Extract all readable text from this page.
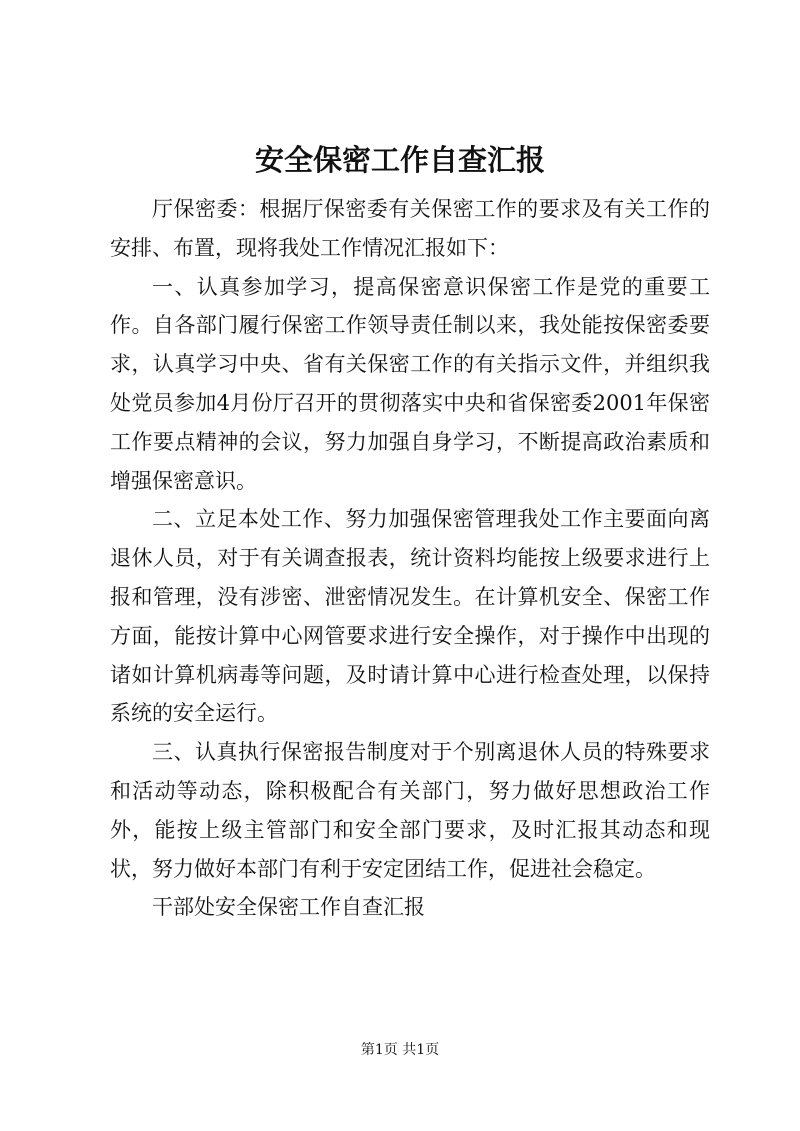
安全保密工作自查汇报

厅保密委：根据厅保密委有关保密工作的要求及有关工作的安排、布置，现将我处工作情况汇报如下：

一、认真参加学习，提高保密意识保密工作是党的重要工作。自各部门履行保密工作领导责任制以来，我处能按保密委要求，认真学习中央、省有关保密工作的有关指示文件，并组织我处党员参加4月份厅召开的贯彻落实中央和省保密委2001年保密工作要点精神的会议，努力加强自身学习，不断提高政治素质和增强保密意识。

二、立足本处工作、努力加强保密管理我处工作主要面向离退休人员，对于有关调查报表，统计资料均能按上级要求进行上报和管理，没有涉密、泄密情况发生。在计算机安全、保密工作方面，能按计算中心网管要求进行安全操作，对于操作中出现的诸如计算机病毒等问题，及时请计算中心进行检查处理，以保持系统的安全运行。

三、认真执行保密报告制度对于个别离退休人员的特殊要求和活动等动态，除积极配合有关部门，努力做好思想政治工作外，能按上级主管部门和安全部门要求，及时汇报其动态和现状，努力做好本部门有利于安定团结工作，促进社会稳定。

干部处安全保密工作自查汇报

第1页 共1页
